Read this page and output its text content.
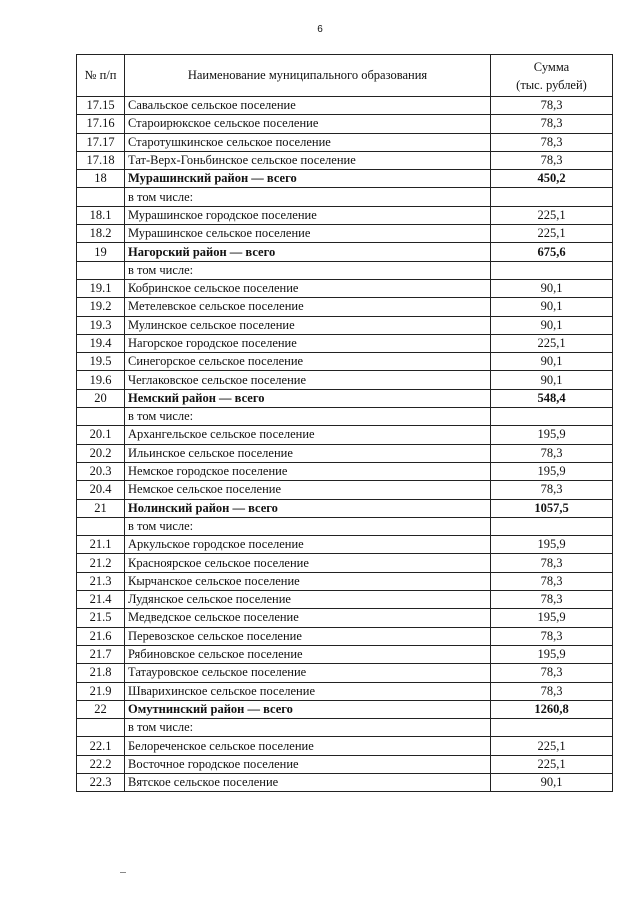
6
№ п/п	Наименование муниципального образования	Сумма
(тыс. рублей)

17.15	Савальское сельское поселение	78,3
17.16	Староирюкское сельское поселение	78,3
17.17	Старотушкинское сельское поселение	78,3
17.18	Тат-Верх-Гоньбинское сельское поселение	78,3
18	Мурашинский район — всего	450,2
	в том числе:	
18.1	Мурашинское городское поселение	225,1
18.2	Мурашинское сельское поселение	225,1
19	Нагорский район — всего	675,6
	в том числе:	
19.1	Кобринское сельское поселение	90,1
19.2	Метелевское сельское поселение	90,1
19.3	Мулинское сельское поселение	90,1
19.4	Нагорское городское поселение	225,1
19.5	Синегорское сельское поселение	90,1
19.6	Чеглаковское сельское поселение	90,1
20	Немский район — всего	548,4
	в том числе:	
20.1	Архангельское сельское поселение	195,9
20.2	Ильинское сельское поселение	78,3
20.3	Немское городское поселение	195,9
20.4	Немское сельское поселение	78,3
21	Нолинский район — всего	1057,5
	в том числе:	
21.1	Аркульское городское поселение	195,9
21.2	Красноярское сельское поселение	78,3
21.3	Кырчанское сельское поселение	78,3
21.4	Лудянское сельское поселение	78,3
21.5	Медведское сельское поселение	195,9
21.6	Перевозское сельское поселение	78,3
21.7	Рябиновское сельское поселение	195,9
21.8	Татауровское сельское поселение	78,3
21.9	Шварихинское сельское поселение	78,3
22	Омутнинский район — всего	1260,8
	в том числе:	
22.1	Белореченское сельское поселение	225,1
22.2	Восточное городское поселение	225,1
22.3	Вятское сельское поселение	90,1
